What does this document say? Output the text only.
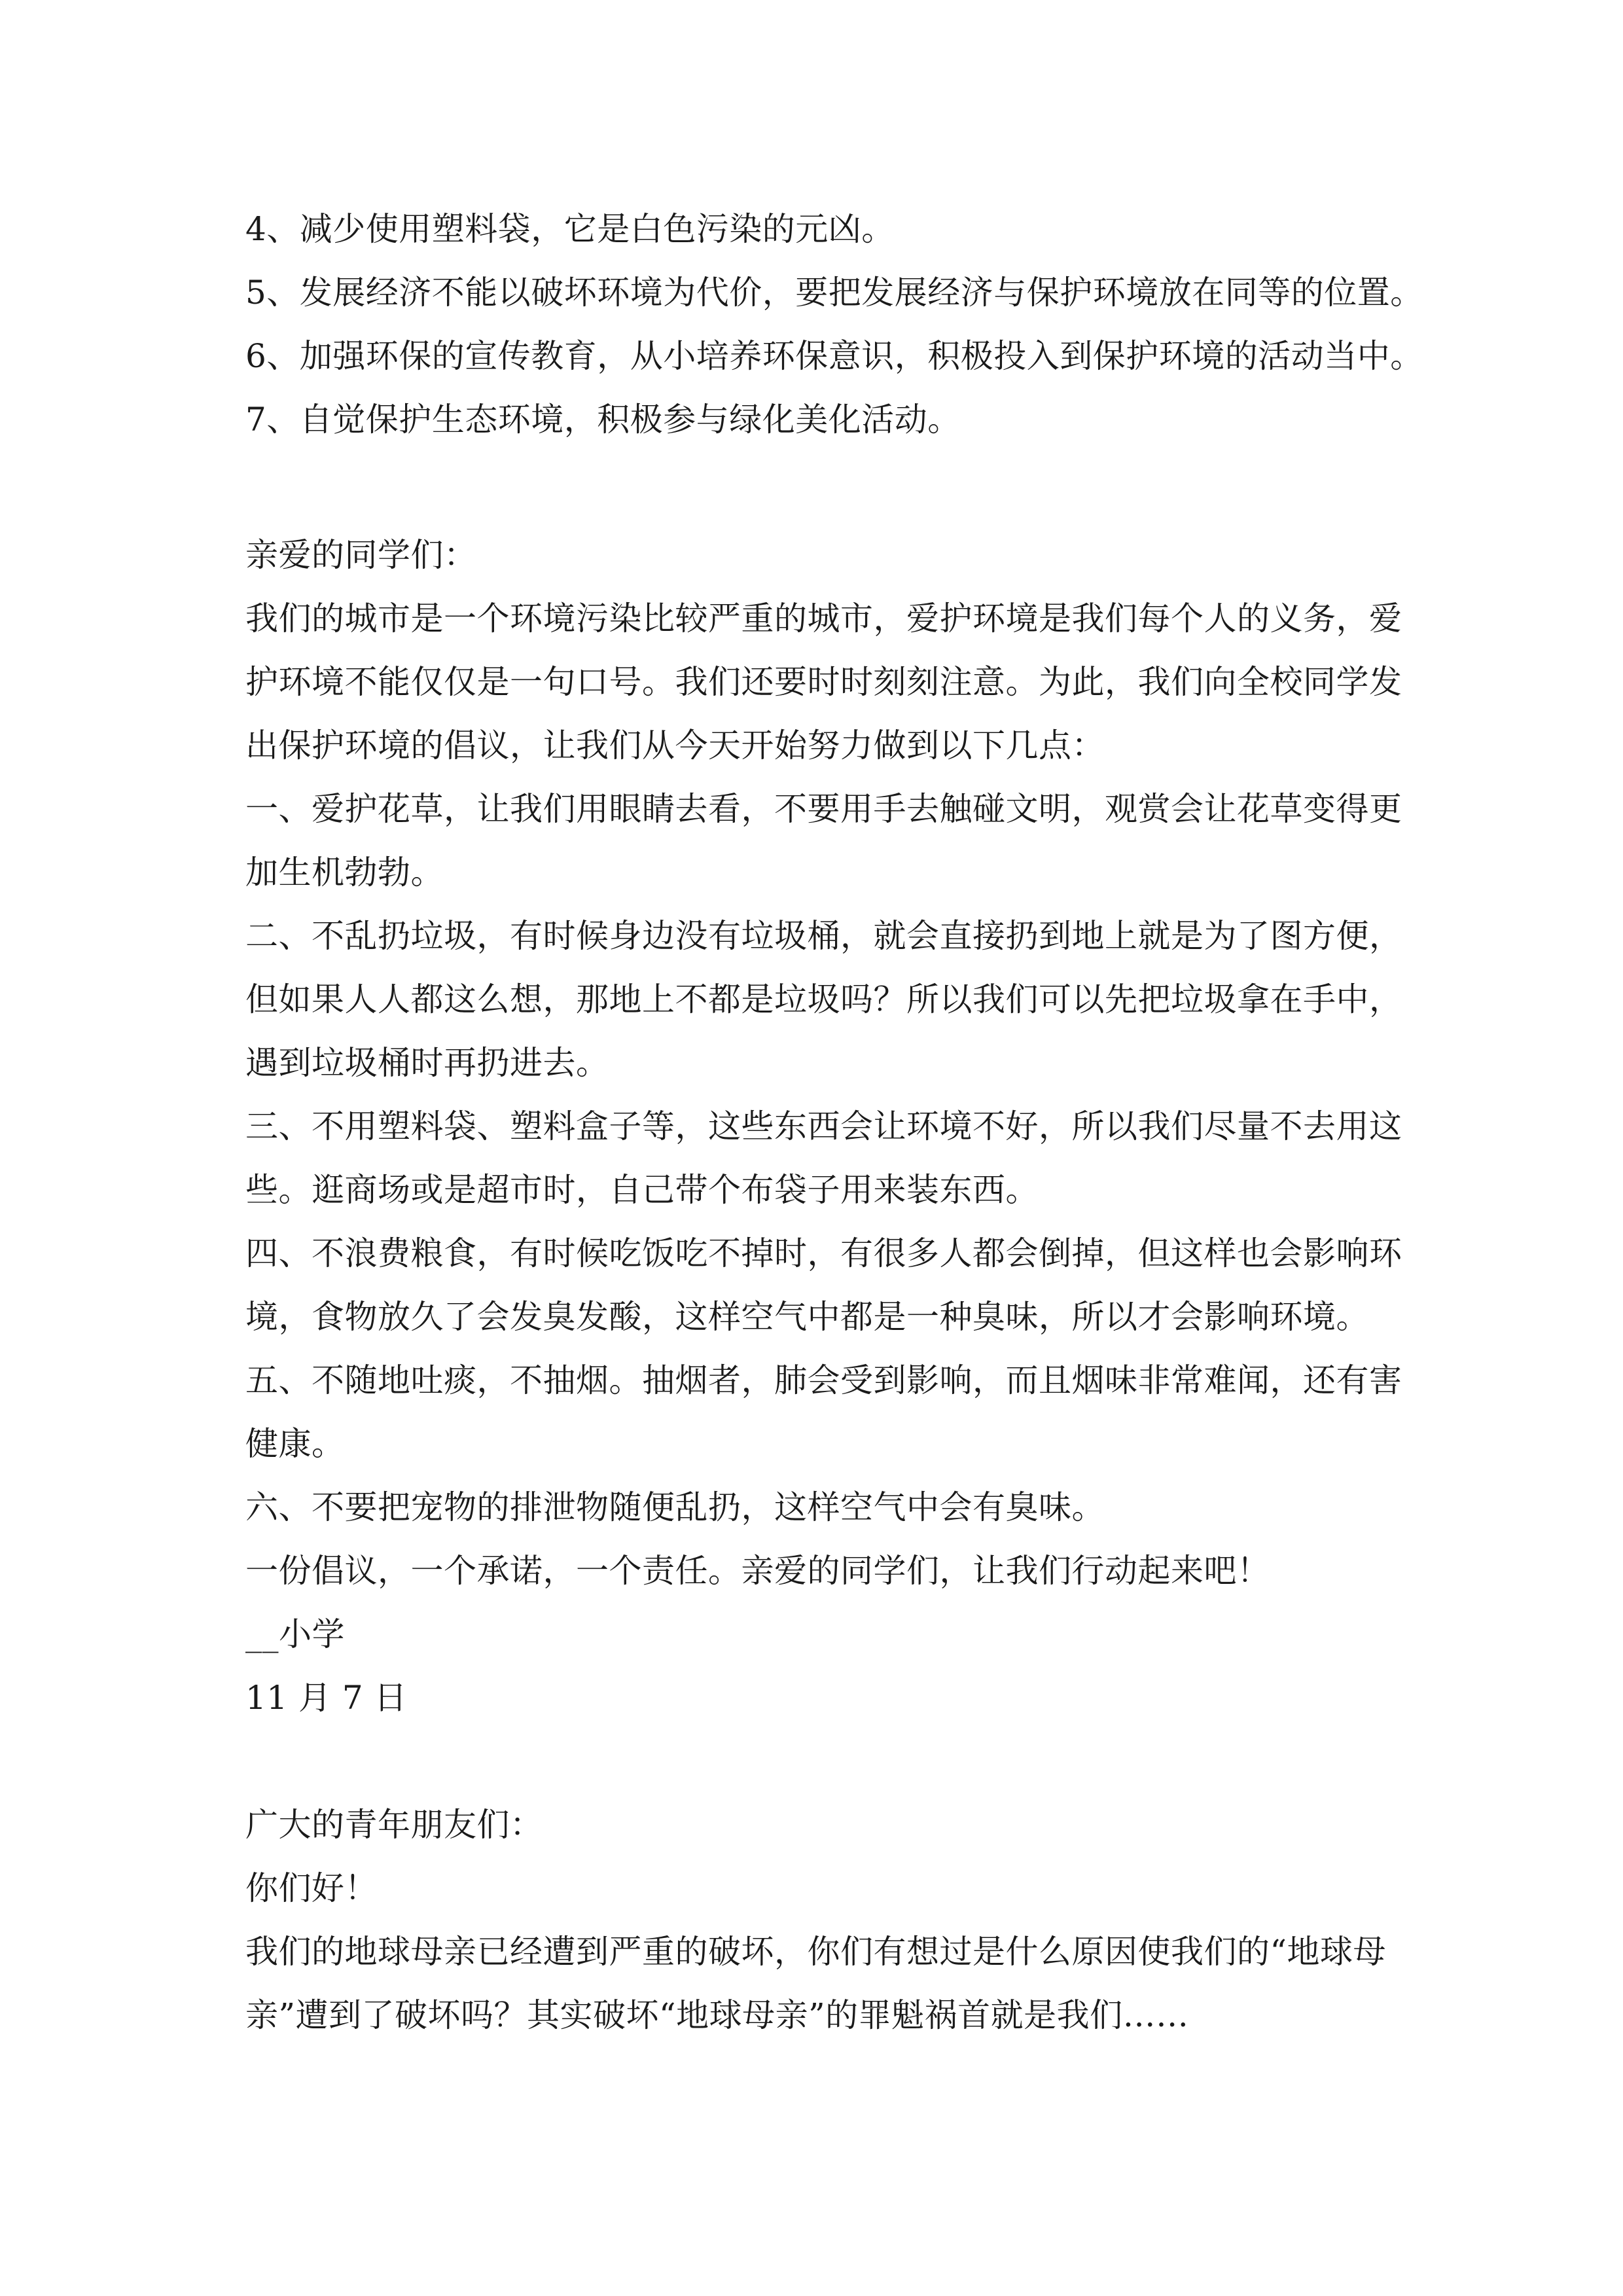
4、减少使用塑料袋，它是白色污染的元凶。

5、发展经济不能以破坏环境为代价，要把发展经济与保护环境放在同等的位置。

6、加强环保的宣传教育，从小培养环保意识，积极投入到保护环境的活动当中。

7、自觉保护生态环境，积极参与绿化美化活动。

亲爱的同学们：

我们的城市是一个环境污染比较严重的城市，爱护环境是我们每个人的义务，爱

护环境不能仅仅是一句口号。我们还要时时刻刻注意。为此，我们向全校同学发

出保护环境的倡议，让我们从今天开始努力做到以下几点：

一、爱护花草，让我们用眼睛去看，不要用手去触碰文明，观赏会让花草变得更

加生机勃勃。

二、不乱扔垃圾，有时候身边没有垃圾桶，就会直接扔到地上就是为了图方便，

但如果人人都这么想，那地上不都是垃圾吗？所以我们可以先把垃圾拿在手中，

遇到垃圾桶时再扔进去。

三、不用塑料袋、塑料盒子等，这些东西会让环境不好，所以我们尽量不去用这

些。逛商场或是超市时，自己带个布袋子用来装东西。

四、不浪费粮食，有时候吃饭吃不掉时，有很多人都会倒掉，但这样也会影响环

境，食物放久了会发臭发酸，这样空气中都是一种臭味，所以才会影响环境。

五、不随地吐痰，不抽烟。抽烟者，肺会受到影响，而且烟味非常难闻，还有害

健康。

六、不要把宠物的排泄物随便乱扔，这样空气中会有臭味。

一份倡议，一个承诺，一个责任。亲爱的同学们，让我们行动起来吧！

__小学

11 月 7 日

广大的青年朋友们：

你们好！

我们的地球母亲已经遭到严重的破坏，你们有想过是什么原因使我们的“地球母

亲”遭到了破坏吗？其实破坏“地球母亲”的罪魁祸首就是我们……
